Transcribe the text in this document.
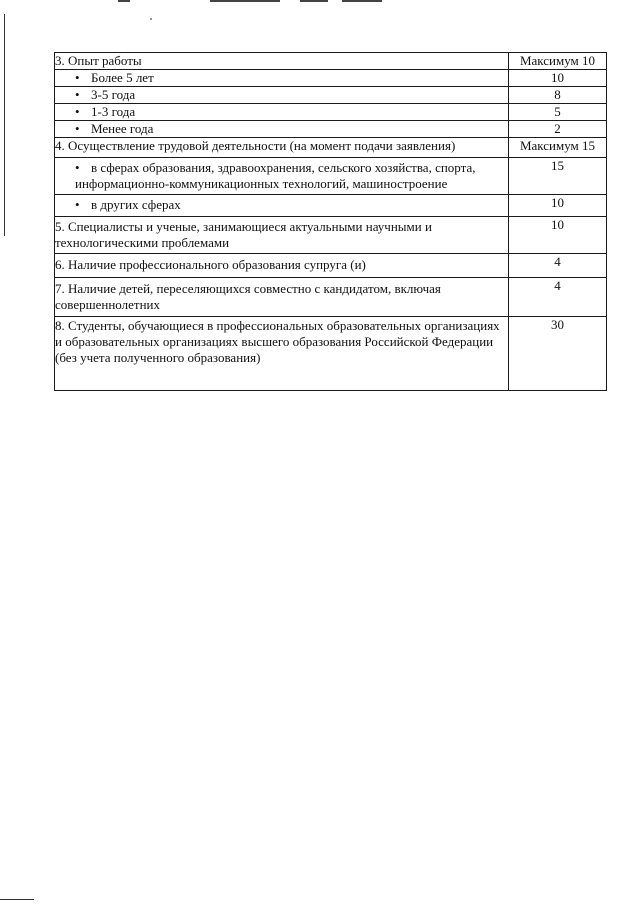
3. Опыт работы	Максимум 10
• Более 5 лет	10
• 3-5 года	8
• 1-3 года	5
• Менее года	2
4. Осуществление трудовой деятельности (на момент подачи заявления)	Максимум 15
• в сферах образования, здравоохранения, сельского хозяйства, спорта, информационно-коммуникационных технологий, машиностроение	15
• в других сферах	10
5. Специалисты и ученые, занимающиеся актуальными научными и технологическими проблемами	10
6. Наличие профессионального образования супруга (и)	4
7. Наличие детей, переселяющихся совместно с кандидатом, включая совершеннолетних	4
8. Студенты, обучающиеся в профессиональных образовательных организациях и образовательных организациях высшего образования Российской Федерации (без учета полученного образования)	30
